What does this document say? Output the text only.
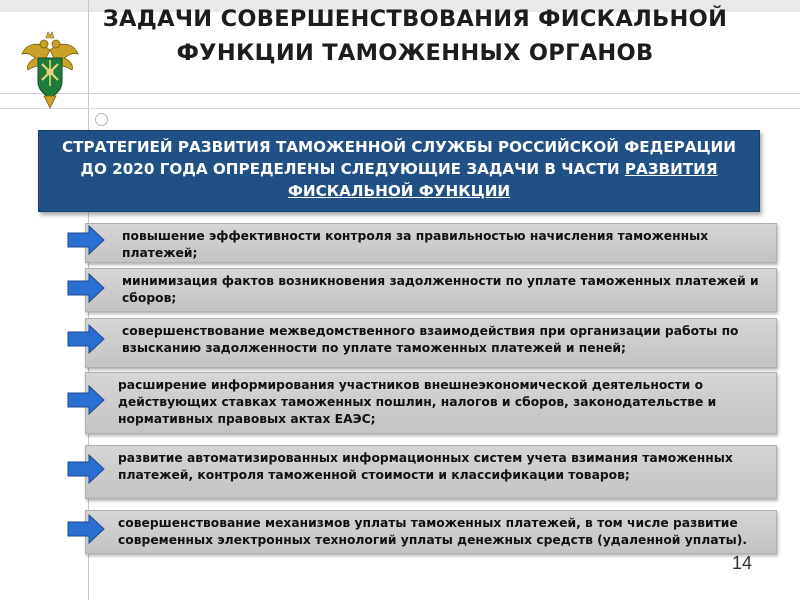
ЗАДАЧИ СОВЕРШЕНСТВОВАНИЯ ФИСКАЛЬНОЙ ФУНКЦИИ ТАМОЖЕННЫХ ОРГАНОВ

СТРАТЕГИЕЙ РАЗВИТИЯ ТАМОЖЕННОЙ СЛУЖБЫ РОССИЙСКОЙ ФЕДЕРАЦИИ ДО 2020 ГОДА ОПРЕДЕЛЕНЫ СЛЕДУЮЩИЕ ЗАДАЧИ В ЧАСТИ РАЗВИТИЯ ФИСКАЛЬНОЙ ФУНКЦИИ

повышение эффективности контроля за правильностью начисления таможенных платежей;
минимизация фактов возникновения задолженности по уплате таможенных платежей и сборов;
совершенствование межведомственного взаимодействия при организации работы по взысканию задолженности по уплате таможенных платежей и пеней;
расширение информирования участников внешнеэкономической деятельности о действующих ставках таможенных пошлин, налогов и сборов, законодательстве и нормативных правовых актах ЕАЭС;
развитие автоматизированных информационных систем учета взимания таможенных платежей, контроля таможенной стоимости и классификации товаров;
совершенствование механизмов уплаты таможенных платежей, в том числе развитие современных электронных технологий уплаты денежных средств (удаленной уплаты).
14
